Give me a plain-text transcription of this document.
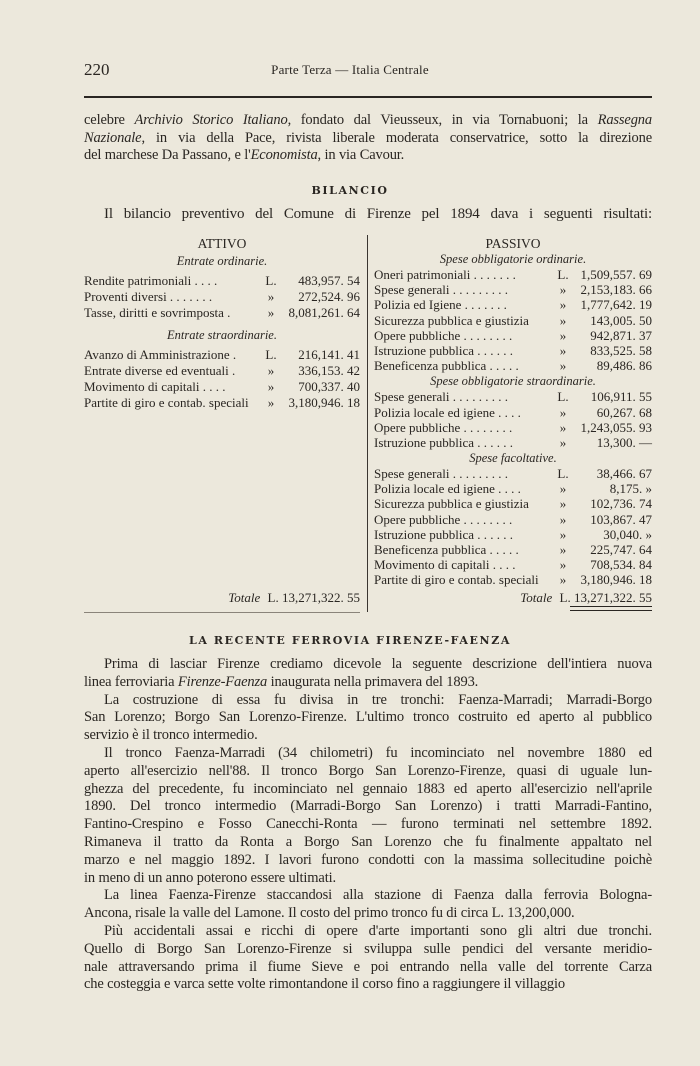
220	Parte Terza — Italia Centrale
celebre Archivio Storico Italiano, fondato dal Vieusseux, in via Tornabuoni; la Rassegna
Nazionale, in via della Pace, rivista liberale moderata conservatrice, sotto la direzione
del marchese Da Passano, e l'Economista, in via Cavour.
BILANCIO
Il bilancio preventivo del Comune di Firenze pel 1894 dava i seguenti risultati:
ATTIVO
Entrate ordinarie.
Rendite patrimoniali . . . .	L.	483,957. 54
Proventi diversi . . . . . . .	»	272,524. 96
Tasse, diritti e sovrimposta .	»	8,081,261. 64
Entrate straordinarie.
Avanzo di Amministrazione .	L.	216,141. 41
Entrate diverse ed eventuali .	»	336,153. 42
Movimento di capitali . . . .	»	700,337. 40
Partite di giro e contab. speciali	»	3,180,946. 18
PASSIVO
Spese obbligatorie ordinarie.
Oneri patrimoniali . . . . . . .	L. 1,509,557. 69
Spese generali . . . . . . . . .	»	2,153,183. 66
Polizia ed Igiene . . . . . . .	»	1,777,642. 19
Sicurezza pubblica e giustizia	»	143,005. 50
Opere pubbliche . . . . . . . .	»	942,871. 37
Istruzione pubblica . . . . . .	»	833,525. 58
Beneficenza pubblica . . . . .	»	89,486. 86
Spese obbligatorie straordinarie.
Spese generali . . . . . . . . .	L.	106,911. 55
Polizia locale ed igiene . . . .	»	60,267. 68
Opere pubbliche . . . . . . . .	»	1,243,055. 93
Istruzione pubblica . . . . . .	»	13,300. —
Spese facoltative.
Spese generali . . . . . . . . .	L.	38,466. 67
Polizia locale ed igiene . . . .	»	8,175. »
Sicurezza pubblica e giustizia	»	102,736. 74
Opere pubbliche . . . . . . . .	»	103,867. 47
Istruzione pubblica . . . . . .	»	30,040. »
Beneficenza pubblica . . . . .	»	225,747. 64
Movimento di capitali . . . .	»	708,534. 84
Partite di giro e contab. speciali	»	3,180,946. 18
Totale L. 13,271,322. 55	Totale L. 13,271,322. 55
LA RECENTE FERROVIA FIRENZE-FAENZA
Prima di lasciar Firenze crediamo dicevole la seguente descrizione dell'intiera nuova
linea ferroviaria Firenze-Faenza inaugurata nella primavera del 1893.
La costruzione di essa fu divisa in tre tronchi: Faenza-Marradi; Marradi-Borgo
San Lorenzo; Borgo San Lorenzo-Firenze. L'ultimo tronco costruito ed aperto al pubblico
servizio è il tronco intermedio.
Il tronco Faenza-Marradi (34 chilometri) fu incominciato nel novembre 1880 ed
aperto all'esercizio nell'88. Il tronco Borgo San Lorenzo-Firenze, quasi di uguale lun-
ghezza del precedente, fu incominciato nel gennaio 1883 ed aperto all'esercizio nell'aprile
1890. Del tronco intermedio (Marradi-Borgo San Lorenzo) i tratti Marradi-Fantino,
Fantino-Crespino e Fosso Canecchi-Ronta — furono terminati nel settembre 1892.
Rimaneva il tratto da Ronta a Borgo San Lorenzo che fu finalmente appaltato nel
marzo e nel maggio 1892. I lavori furono condotti con la massima sollecitudine poichè
in meno di un anno poterono essere ultimati.
La linea Faenza-Firenze staccandosi alla stazione di Faenza dalla ferrovia Bologna-
Ancona, risale la valle del Lamone. Il costo del primo tronco fu di circa L. 13,200,000.
Più accidentali assai e ricchi di opere d'arte importanti sono gli altri due tronchi.
Quello di Borgo San Lorenzo-Firenze si sviluppa sulle pendici del versante meridio-
nale attraversando prima il fiume Sieve e poi entrando nella valle del torrente Carza
che costeggia e varca sette volte rimontandone il corso fino a raggiungere il villaggio
